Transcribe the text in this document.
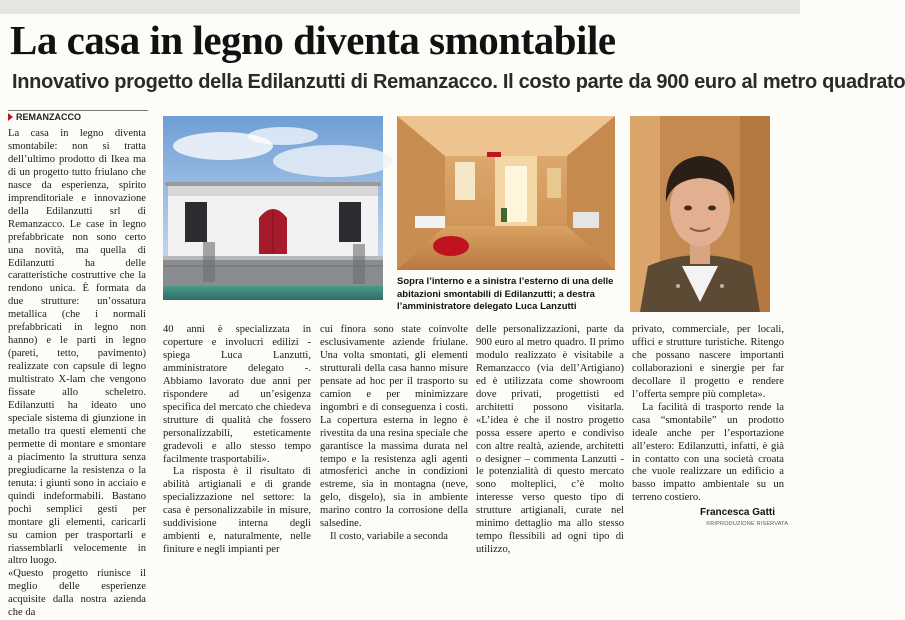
La casa in legno diventa smontabile
Innovativo progetto della Edilanzutti di Remanzacco. Il costo parte da 900 euro al metro quadrato
REMANZACCO

La casa in legno diventa smontabile: non si tratta dell’ultimo prodotto di Ikea ma di un progetto tutto friulano che nasce da esperienza, spirito imprenditoriale e innovazione della Edilanzutti srl di Remanzacco. Le case in legno prefabbricate non sono certo una novità, ma quella di Edilanzutti ha delle caratteristiche costruttive che la rendono unica. È formata da due strutture: un’ossatura metallica (che i normali prefabbricati in legno non hanno) e le parti in legno (pareti, tetto, pavimento) realizzate con capsule di legno multistrato X-lam che vengono fissate allo scheletro. Edilanzutti ha ideato uno speciale sistema di giunzione in metallo tra questi elementi che permette di montare e smontare a piacimento la struttura senza pregiudicarne la resistenza o la tenuta: i giunti sono in acciaio e quindi indeformabili. Bastano pochi semplici gesti per montare gli elementi, caricarli su camion per trasportarli e riassemblarli velocemente in altro luogo.

«Questo progetto riunisce il meglio delle esperienze acquisite dalla nostra azienda che da

Sopra l’interno e a sinistra l’esterno di una delle abitazioni smontabili di Edilanzutti; a destra l’amministratore delegato Luca Lanzutti

40 anni è specializzata in coperture e involucri edilizi - spiega Luca Lanzutti, amministratore delegato -. Abbiamo lavorato due anni per rispondere ad un’esigenza specifica del mercato che chiedeva strutture di qualità che fossero personalizzabili, esteticamente gradevoli e allo stesso tempo facilmente trasportabili».

La risposta è il risultato di abilità artigianali e di grande specializzazione nel settore: la casa è personalizzabile in misure, suddivisione interna degli ambienti e, naturalmente, nelle finiture e negli impianti per

cui finora sono state coinvolte esclusivamente aziende friulane. Una volta smontati, gli elementi strutturali della casa hanno misure pensate ad hoc per il trasporto su camion e per minimizzare ingombri e di conseguenza i costi. La copertura esterna in legno è rivestita da una resina speciale che garantisce la massima durata nel tempo e la resistenza agli agenti atmosferici anche in condizioni estreme, sia in montagna (neve, gelo, disgelo), sia in ambiente marino contro la corrosione della salsedine.

Il costo, variabile a seconda

delle personalizzazioni, parte da 900 euro al metro quadro. Il primo modulo realizzato è visitabile a Remanzacco (via dell’Artigiano) ed è utilizzata come showroom dove privati, progettisti ed architetti possono visitarla. «L’idea è che il nostro progetto possa essere aperto e condiviso con altre realtà, aziende, architetti o designer – commenta Lanzutti - le potenzialità di questo mercato sono molteplici, c’è molto interesse verso questo tipo di strutture artigianali, curate nel minimo dettaglio ma allo stesso tempo flessibili ad ogni tipo di utilizzo,

privato, commerciale, per locali, uffici e strutture turistiche. Ritengo che possano nascere importanti collaborazioni e sinergie per far decollare il progetto e rendere l’offerta sempre più completa».

La facilità di trasporto rende la casa “smontabile” un prodotto ideale anche per l’esportazione all’estero: Edilanzutti, infatti, è già in contatto con una società croata che vuole realizzare un edificio a basso impatto ambientale su un terreno costiero.

Francesca Gatti
©RIPRODUZIONE RISERVATA
